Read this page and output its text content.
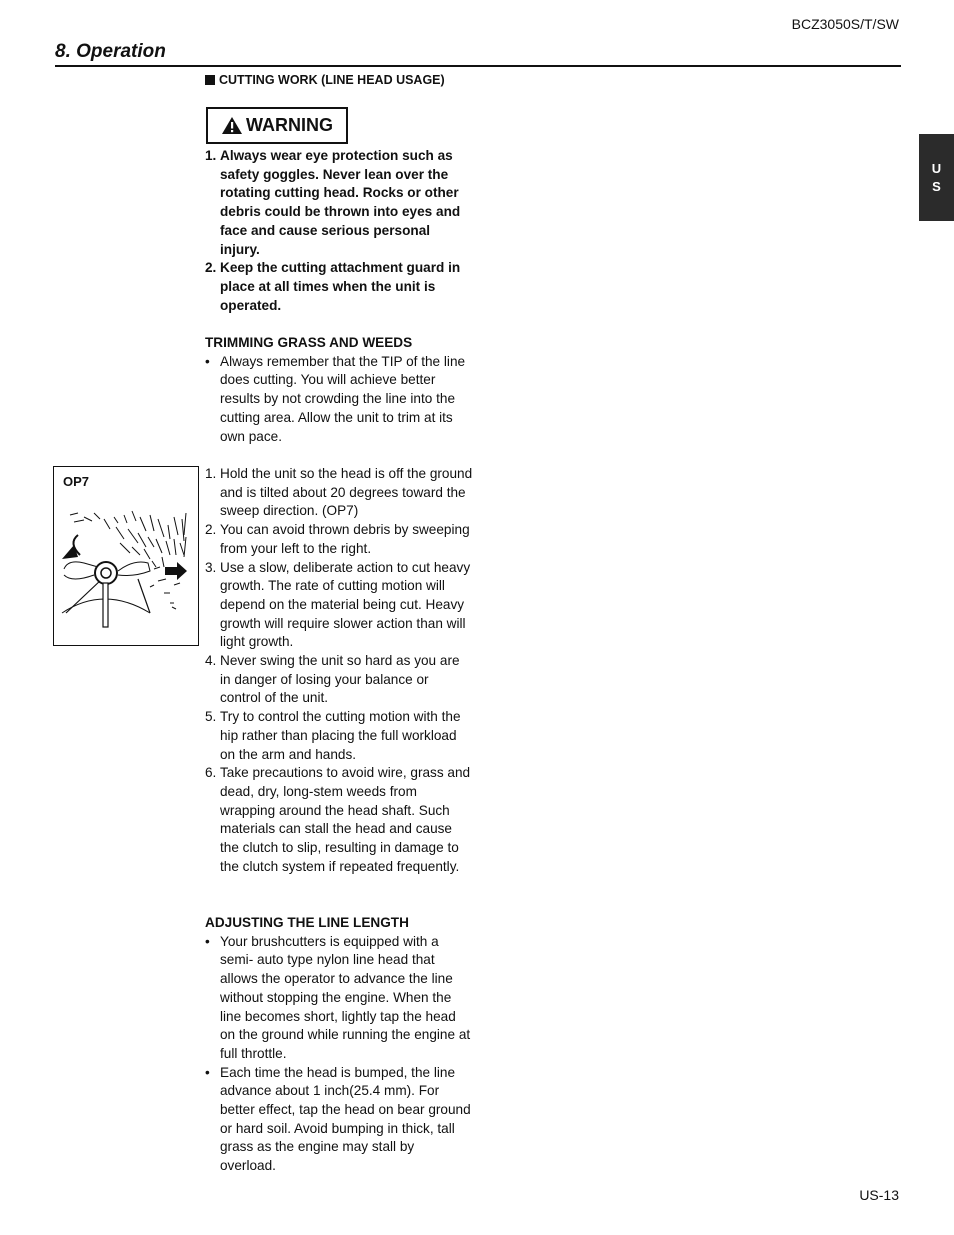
BCZ3050S/T/SW
8. Operation
U
S
CUTTING WORK (LINE HEAD USAGE)
WARNING
1. Always wear eye protection such as safety goggles. Never lean over the rotating cutting head. Rocks or other debris could be thrown into eyes and face and cause serious personal injury.
2. Keep the cutting attachment guard in place at all times when the unit is operated.
TRIMMING GRASS AND WEEDS
• Always remember that the TIP of the line does cutting. You will achieve better results by not crowding the line into the cutting area. Allow the unit to trim at its own pace.
1. Hold the unit so the head is off the ground and is tilted about 20 degrees toward the sweep direction. (OP7)
2. You can avoid thrown debris by sweeping from your left to the right.
3. Use a slow, deliberate action to cut heavy growth. The rate of cutting motion will depend on the material being cut. Heavy growth will require slower action than will light growth.
4. Never swing the unit so hard as you are in danger of losing your balance or control of the unit.
5. Try to control the cutting motion with the hip rather than placing the full workload on the arm and hands.
6. Take precautions to avoid wire, grass and dead, dry, long-stem weeds from wrapping around the head shaft. Such materials can stall the head and cause the clutch to slip, resulting in damage to the clutch system if repeated frequently.
OP7
ADJUSTING THE LINE LENGTH
• Your brushcutters is equipped with a semi- auto type nylon line head that allows the operator to advance the line without stopping the engine. When the line becomes short, lightly tap the head on the ground while running the engine at full throttle.
• Each time the head is bumped, the line advance about 1 inch(25.4 mm). For better effect, tap the head on bear ground or hard soil. Avoid bumping in thick, tall grass as the engine may stall by overload.
US-13
